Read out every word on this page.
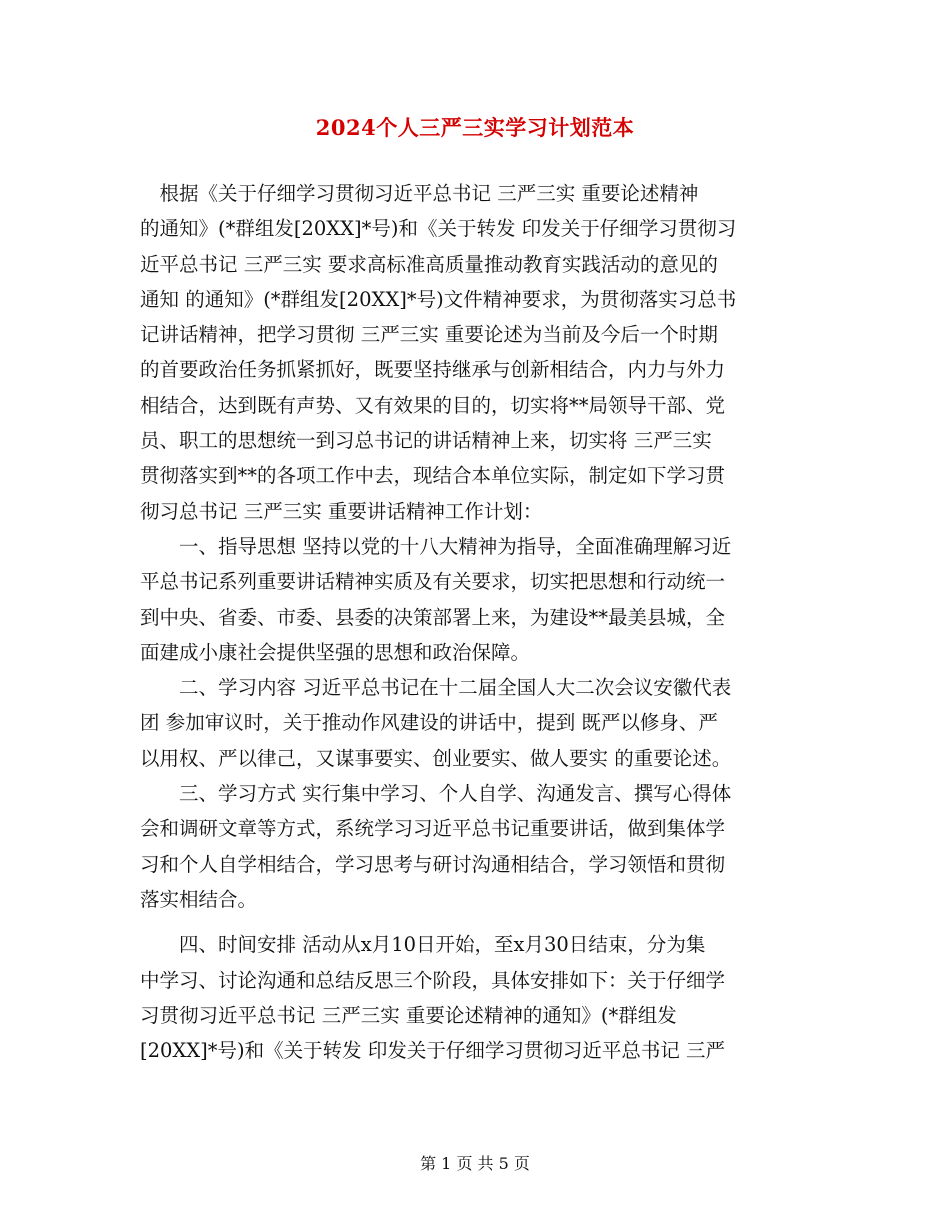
2024个人三严三实学习计划范本
　根据《关于仔细学习贯彻习近平总书记 三严三实 重要论述精神
的通知》(*群组发[20XX]*号)和《关于转发 印发关于仔细学习贯彻习
近平总书记 三严三实 要求高标准高质量推动教育实践活动的意见的
通知 的通知》(*群组发[20XX]*号)文件精神要求，为贯彻落实习总书
记讲话精神，把学习贯彻 三严三实 重要论述为当前及今后一个时期
的首要政治任务抓紧抓好，既要坚持继承与创新相结合，内力与外力
相结合，达到既有声势、又有效果的目的，切实将**局领导干部、党
员、职工的思想统一到习总书记的讲话精神上来，切实将 三严三实
贯彻落实到**的各项工作中去，现结合本单位实际，制定如下学习贯
彻习总书记 三严三实 重要讲话精神工作计划：
　　一、指导思想 坚持以党的十八大精神为指导，全面准确理解习近
平总书记系列重要讲话精神实质及有关要求，切实把思想和行动统一
到中央、省委、市委、县委的决策部署上来，为建设**最美县城，全
面建成小康社会提供坚强的思想和政治保障。
　　二、学习内容 习近平总书记在十二届全国人大二次会议安徽代表
团 参加审议时，关于推动作风建设的讲话中，提到 既严以修身、严
以用权、严以律己，又谋事要实、创业要实、做人要实 的重要论述。
　　三、学习方式 实行集中学习、个人自学、沟通发言、撰写心得体
会和调研文章等方式，系统学习习近平总书记重要讲话，做到集体学
习和个人自学相结合，学习思考与研讨沟通相结合，学习领悟和贯彻
落实相结合。
　　四、时间安排 活动从x月10日开始，至x月30日结束，分为集
中学习、讨论沟通和总结反思三个阶段，具体安排如下：关于仔细学
习贯彻习近平总书记 三严三实 重要论述精神的通知》(*群组发
[20XX]*号)和《关于转发 印发关于仔细学习贯彻习近平总书记 三严
第 1 页 共 5 页
